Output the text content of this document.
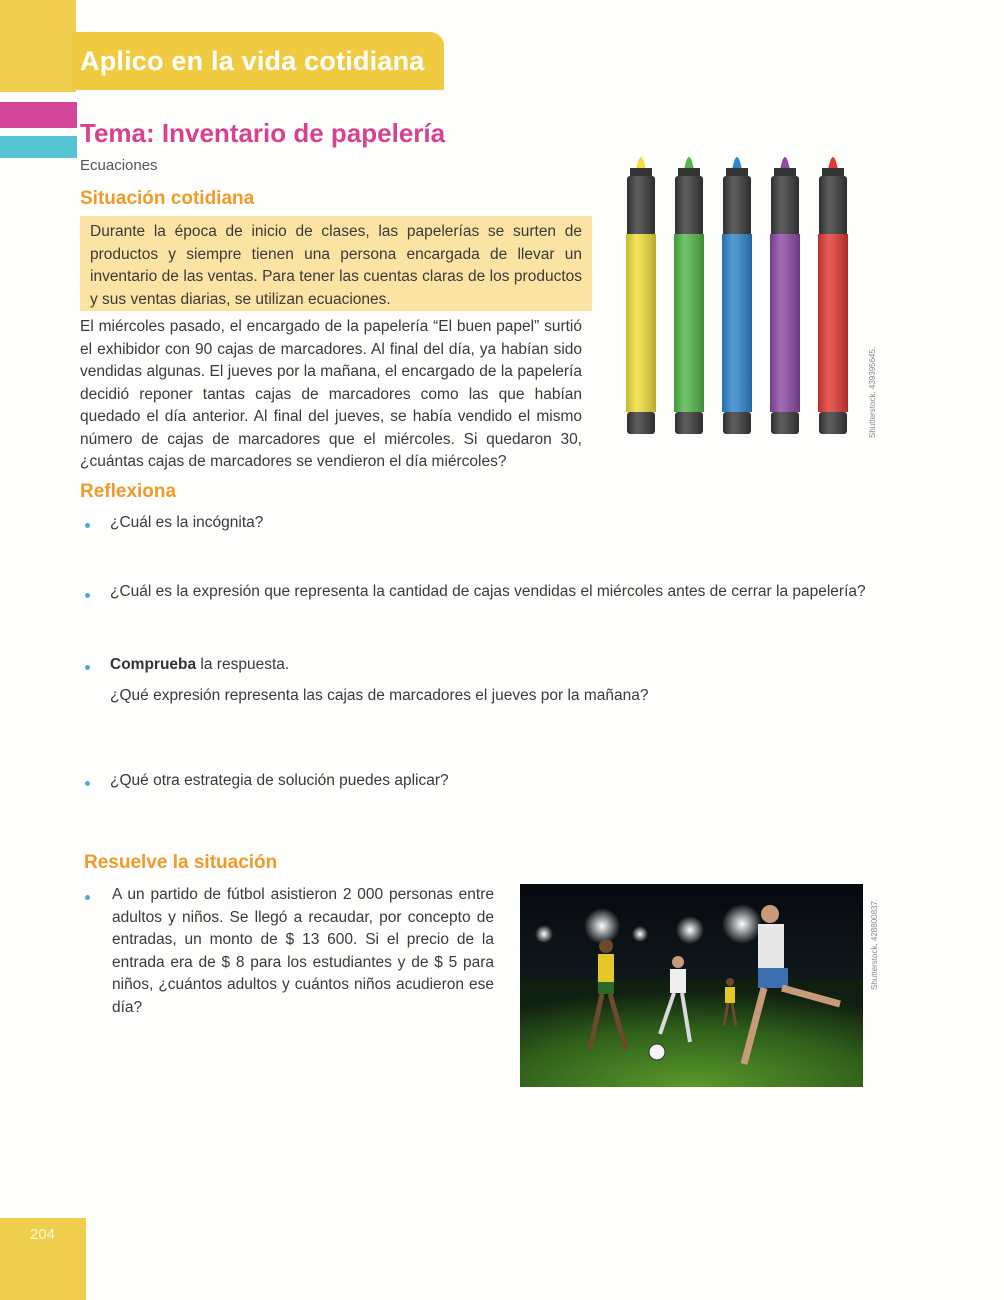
Aplico en la vida cotidiana
Tema: Inventario de papelería
Ecuaciones
Situación cotidiana
Durante la época de inicio de clases, las papelerías se surten de productos y siempre tienen una persona encargada de llevar un inventario de las ventas. Para tener las cuentas claras de los productos y sus ventas diarias, se utilizan ecuaciones.
El miércoles pasado, el encargado de la papelería “El buen papel” surtió el exhibidor con 90 cajas de marcadores. Al final del día, ya habían sido vendidas algunas. El jueves por la mañana, el encargado de la papelería decidió reponer tantas cajas de marcadores como las que habían quedado el día anterior. Al final del jueves, se había vendido el mismo número de cajas de marcadores que el miércoles. Si quedaron 30, ¿cuántas cajas de marcadores se vendieron el día miércoles?
Shutterstock, 439395645.
Reflexiona
¿Cuál es la incógnita?
¿Cuál es la expresión que representa la cantidad de cajas vendidas el miércoles antes de cerrar la papelería?
Comprueba la respuesta.
¿Qué expresión representa las cajas de marcadores el jueves por la mañana?
¿Qué otra estrategia de solución puedes aplicar?
Resuelve la situación
A un partido de fútbol asistieron 2 000 personas entre adultos y niños. Se llegó a recaudar, por concepto de entradas, un monto de $ 13 600. Si el precio de la entrada era de $ 8 para los estudiantes y de $ 5 para niños, ¿cuántos adultos y cuántos niños acudieron ese día?
Shutterstock, 428800837.
204
